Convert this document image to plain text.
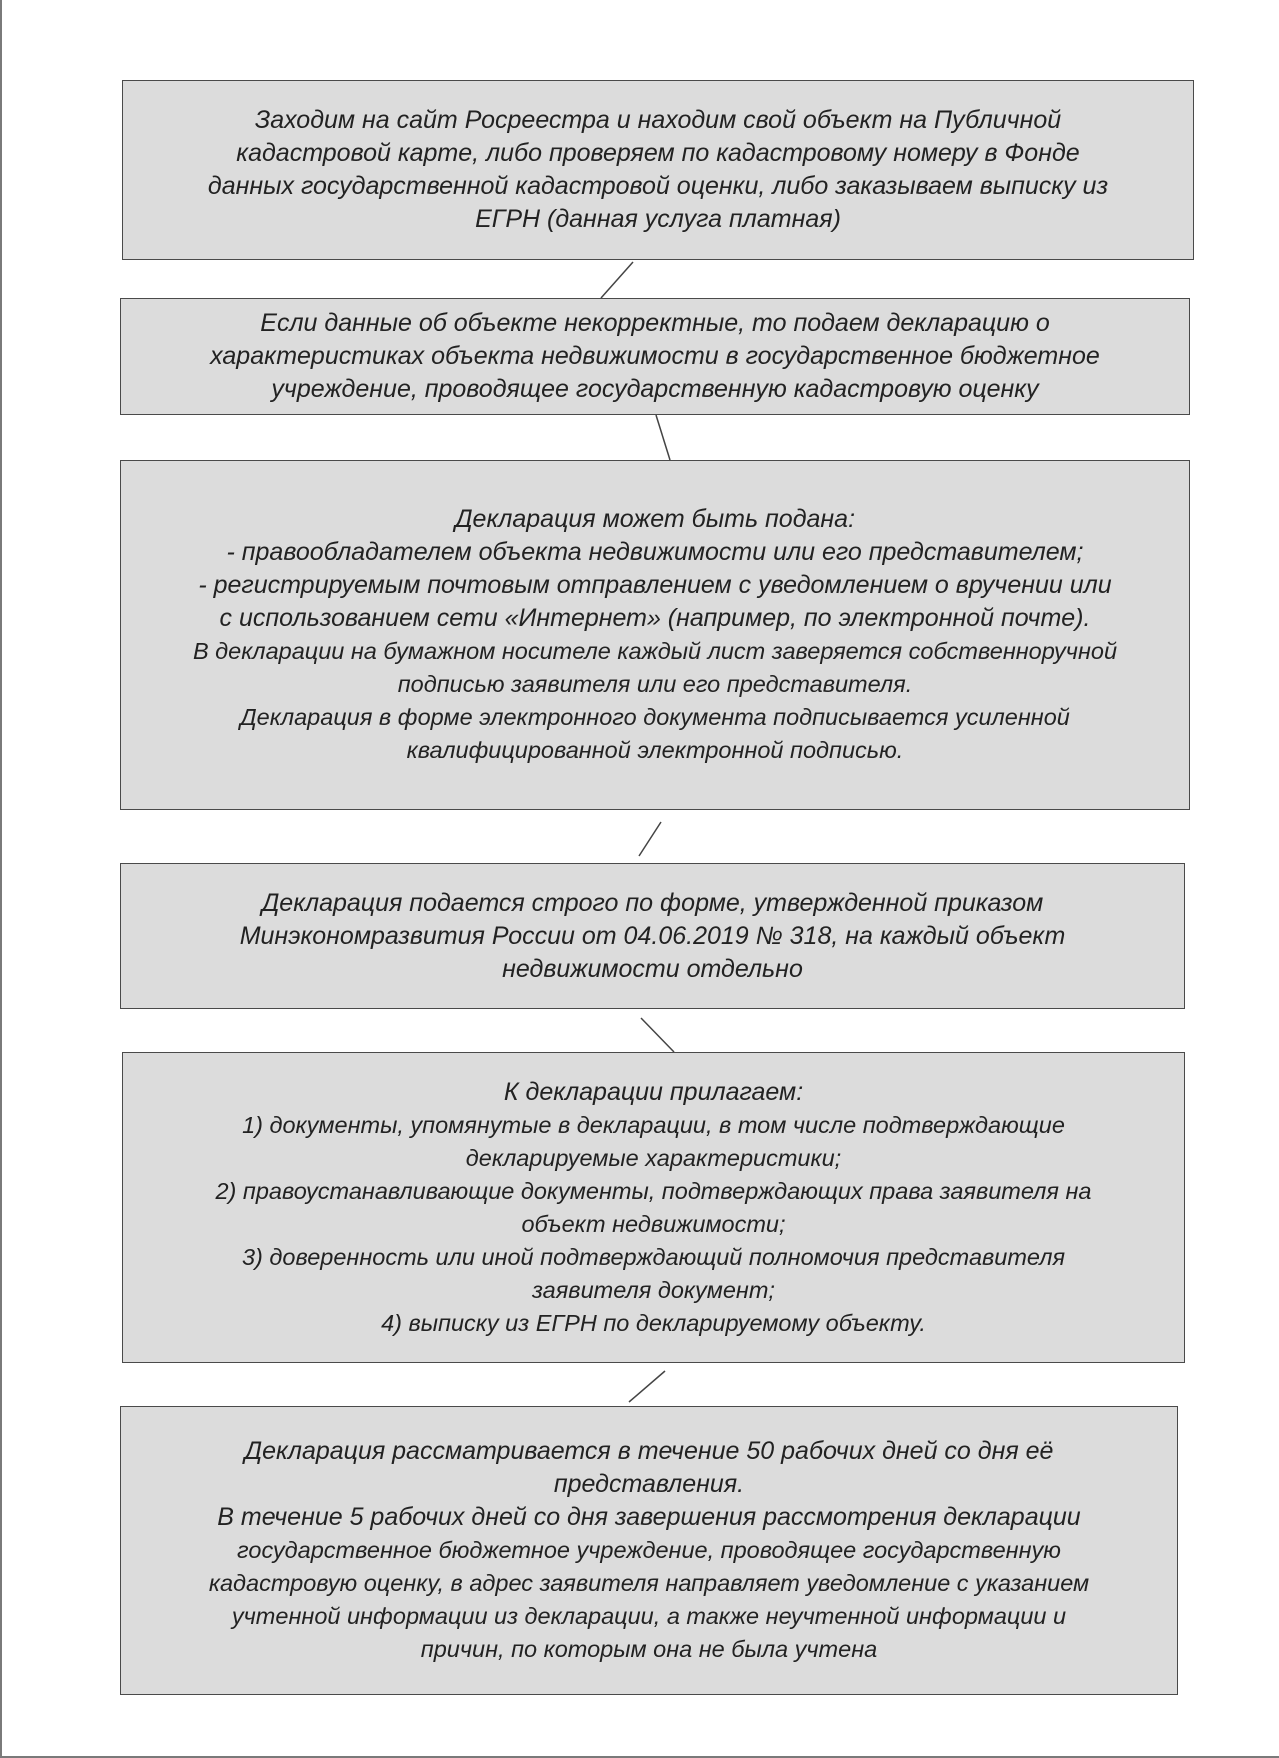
Заходим на сайт Росреестра и находим свой объект на Публичной
кадастровой карте, либо проверяем по кадастровому номеру в Фонде
данных государственной кадастровой оценки, либо заказываем выписку из
ЕГРН (данная услуга платная)
Если данные об объекте некорректные, то подаем декларацию о
характеристиках объекта недвижимости в государственное бюджетное
учреждение, проводящее государственную кадастровую оценку
Декларация может быть подана:
- правообладателем объекта недвижимости или его представителем;
- регистрируемым почтовым отправлением с уведомлением о вручении или
с использованием сети «Интернет» (например, по электронной почте).
В декларации на бумажном носителе каждый лист заверяется собственноручной
подписью заявителя или его представителя.
Декларация в форме электронного документа подписывается усиленной
квалифицированной электронной подписью.
Декларация подается строго по форме, утвержденной приказом
Минэкономразвития России от 04.06.2019 № 318, на каждый объект
недвижимости отдельно
К декларации прилагаем:
1) документы, упомянутые в декларации, в том числе подтверждающие
декларируемые характеристики;
2) правоустанавливающие документы, подтверждающих права заявителя на
объект недвижимости;
3) доверенность или иной подтверждающий полномочия представителя
заявителя документ;
4) выписку из ЕГРН по декларируемому объекту.
Декларация рассматривается в течение 50 рабочих дней со дня её
представления.
В течение 5 рабочих дней со дня завершения рассмотрения декларации
государственное бюджетное учреждение, проводящее государственную
кадастровую оценку, в адрес заявителя направляет уведомление с указанием
учтенной информации из декларации, а также неучтенной информации и
причин, по которым она не была учтена
